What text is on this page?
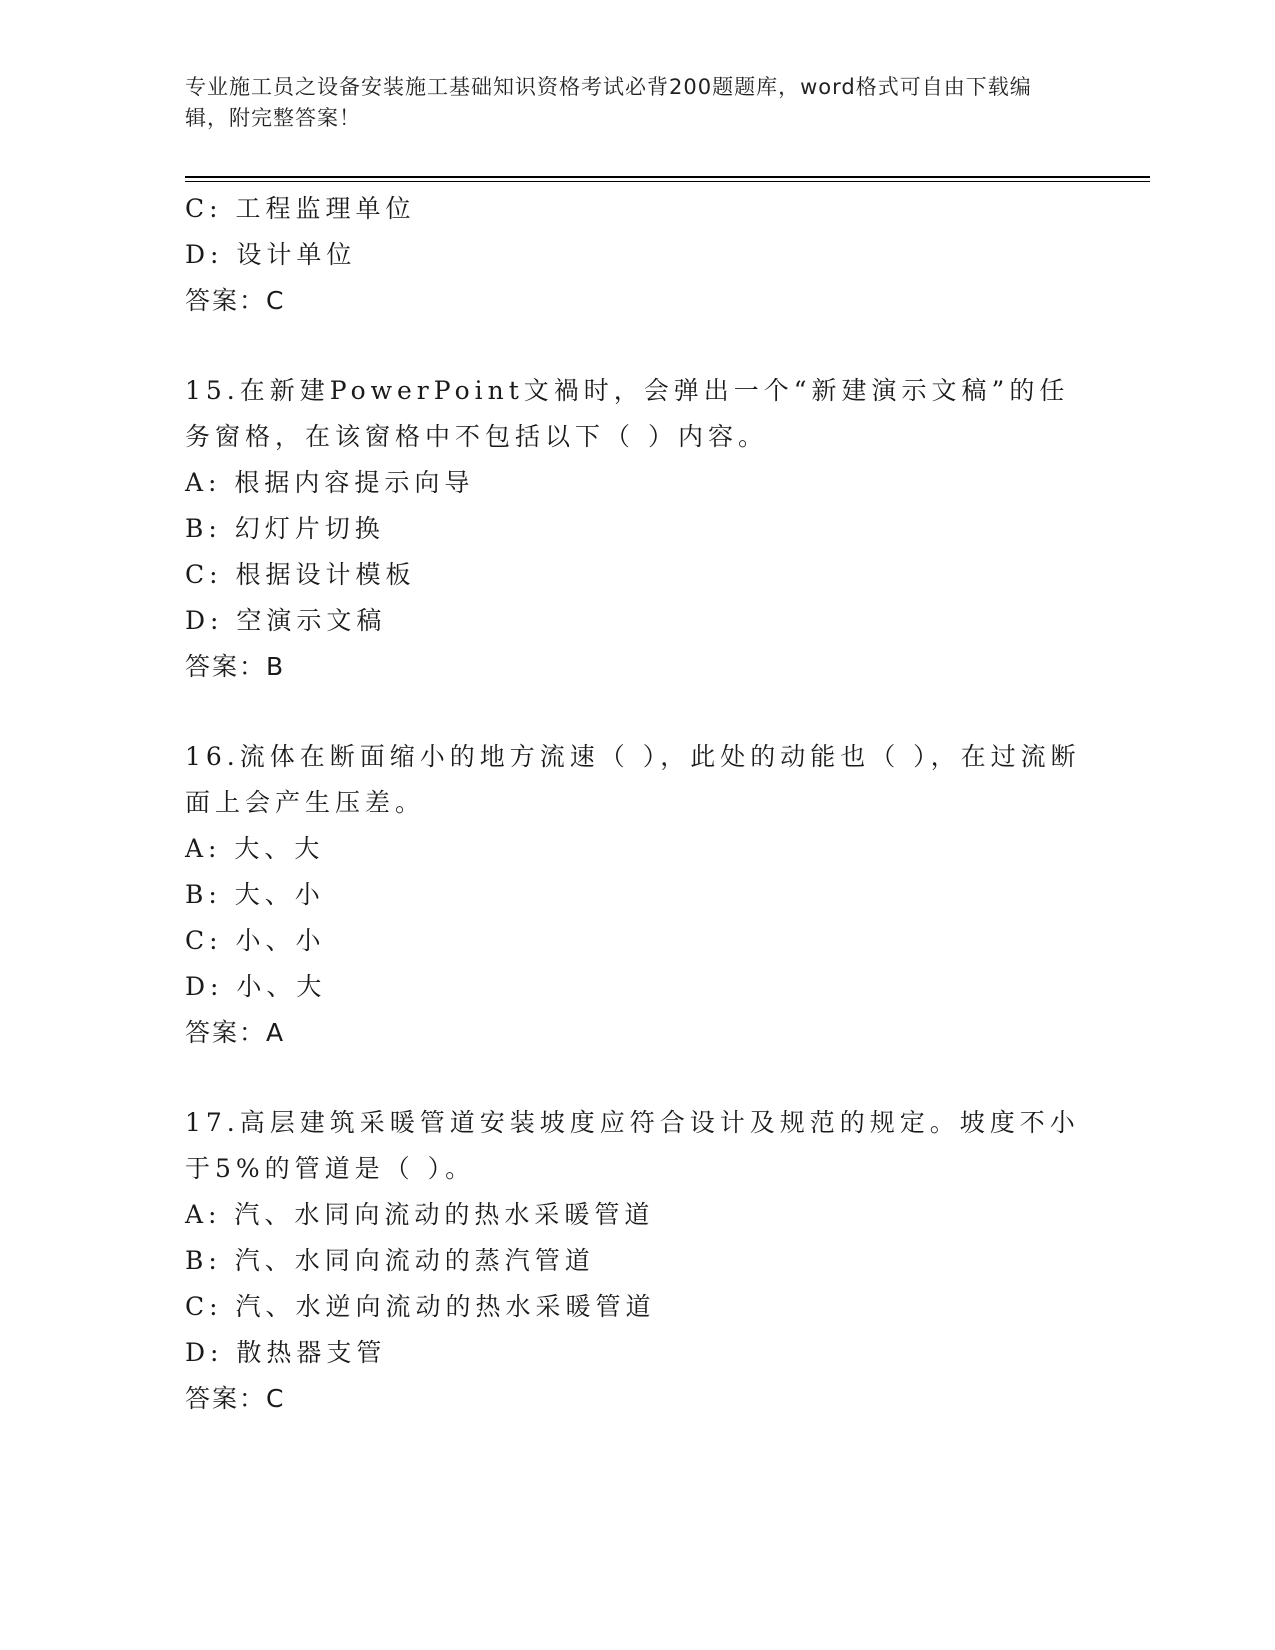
专业施工员之设备安装施工基础知识资格考试必背200题题库，word格式可自由下载编辑，附完整答案！
C: 工程监理单位
D: 设计单位
答案：C
15.在新建PowerPoint文禍时，会弹出一个“新建演示文稿”的任务窗格，在该窗格中不包括以下（ ）内容。
A: 根据内容提示向导
B: 幻灯片切换
C: 根据设计模板
D: 空演示文稿
答案：B
16.流体在断面缩小的地方流速（ ），此处的动能也（ ），在过流断面上会产生压差。
A: 大、大
B: 大、小
C: 小、小
D: 小、大
答案：A
17.高层建筑采暖管道安装坡度应符合设计及规范的规定。坡度不小于5%的管道是（ ）。
A: 汽、水同向流动的热水采暖管道
B: 汽、水同向流动的蒸汽管道
C: 汽、水逆向流动的热水采暖管道
D: 散热器支管
答案：C
